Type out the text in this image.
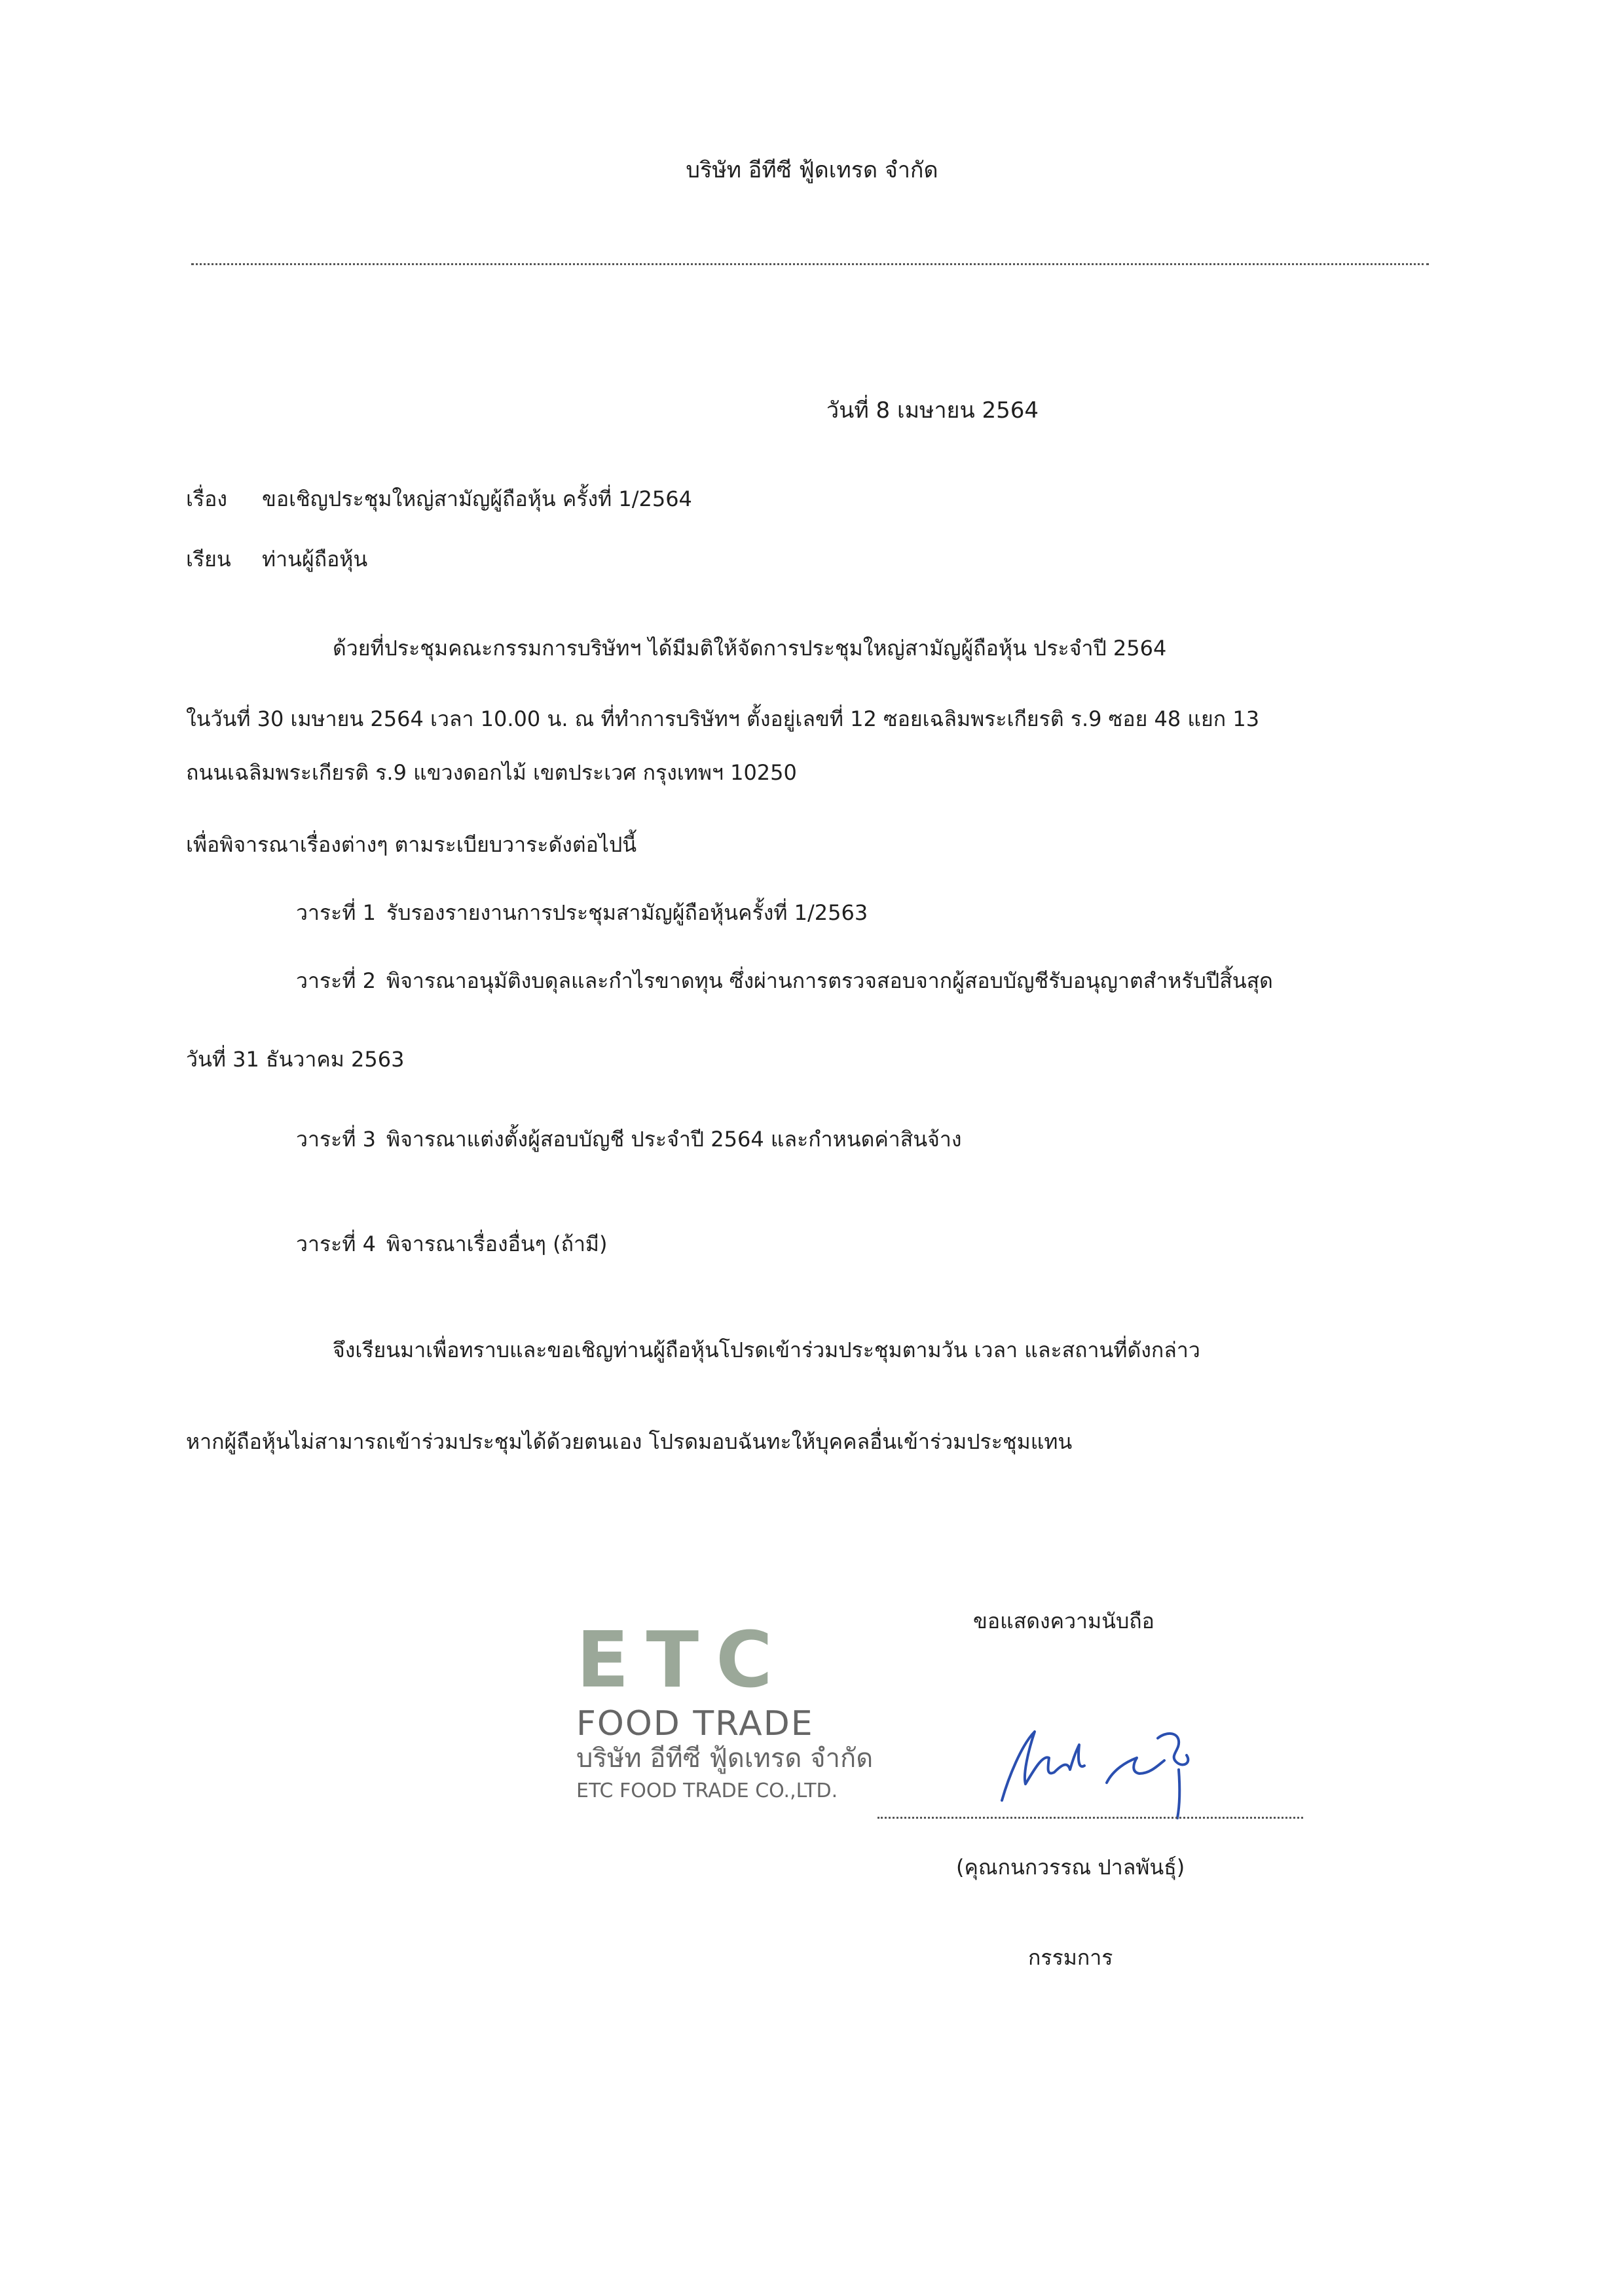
บริษัท อีทีซี ฟู้ดเทรด จำกัด
วันที่ 8 เมษายน 2564
เรื่อง ขอเชิญประชุมใหญ่สามัญผู้ถือหุ้น ครั้งที่ 1/2564
เรียน ท่านผู้ถือหุ้น
ด้วยที่ประชุมคณะกรรมการบริษัทฯ ได้มีมติให้จัดการประชุมใหญ่สามัญผู้ถือหุ้น ประจำปี 2564
ในวันที่ 30 เมษายน 2564 เวลา 10.00 น. ณ ที่ทำการบริษัทฯ ตั้งอยู่เลขที่ 12 ซอยเฉลิมพระเกียรติ ร.9 ซอย 48 แยก 13
ถนนเฉลิมพระเกียรติ ร.9 แขวงดอกไม้ เขตประเวศ กรุงเทพฯ 10250
เพื่อพิจารณาเรื่องต่างๆ ตามระเบียบวาระดังต่อไปนี้
วาระที่ 1 รับรองรายงานการประชุมสามัญผู้ถือหุ้นครั้งที่ 1/2563
วาระที่ 2 พิจารณาอนุมัติงบดุลและกำไรขาดทุน ซึ่งผ่านการตรวจสอบจากผู้สอบบัญชีรับอนุญาตสำหรับปีสิ้นสุด
วันที่ 31 ธันวาคม 2563
วาระที่ 3 พิจารณาแต่งตั้งผู้สอบบัญชี ประจำปี 2564 และกำหนดค่าสินจ้าง
วาระที่ 4 พิจารณาเรื่องอื่นๆ (ถ้ามี)
จึงเรียนมาเพื่อทราบและขอเชิญท่านผู้ถือหุ้นโปรดเข้าร่วมประชุมตามวัน เวลา และสถานที่ดังกล่าว
หากผู้ถือหุ้นไม่สามารถเข้าร่วมประชุมได้ด้วยตนเอง โปรดมอบฉันทะให้บุคคลอื่นเข้าร่วมประชุมแทน
ขอแสดงความนับถือ
ETC
FOOD TRADE
บริษัท อีทีซี ฟู้ดเทรด จำกัด
ETC FOOD TRADE CO.,LTD.
(คุณกนกวรรณ ปาลพันธุ์)
กรรมการ
